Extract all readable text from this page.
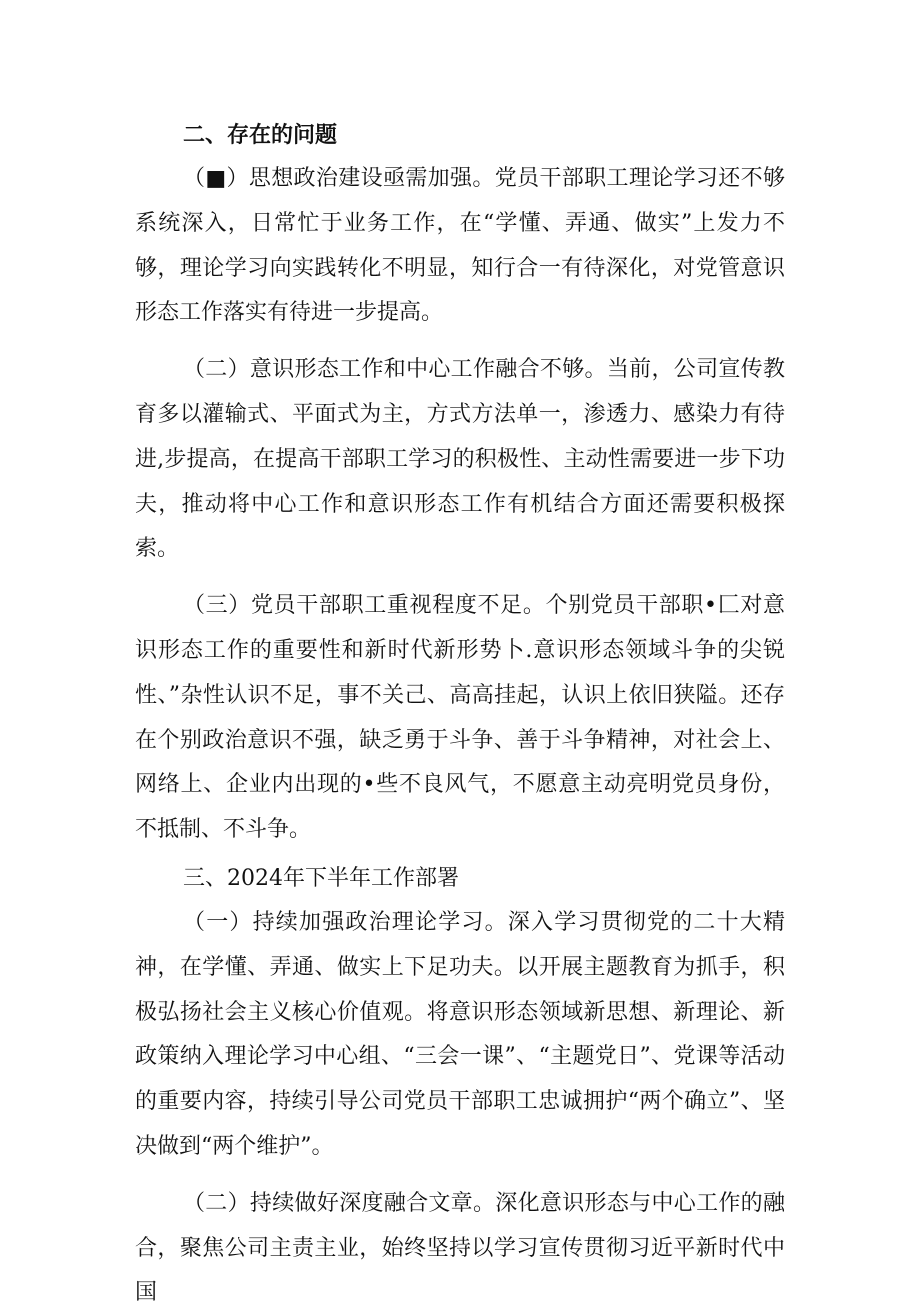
二、存在的问题

（■）思想政治建设亟需加强。党员干部职工理论学习还不够系统深入，日常忙于业务工作，在“学懂、弄通、做实”上发力不够，理论学习向实践转化不明显，知行合一有待深化，对党管意识形态工作落实有待进一步提高。

（二）意识形态工作和中心工作融合不够。当前，公司宣传教育多以灌输式、平面式为主，方式方法单一，渗透力、感染力有待进,步提高，在提高干部职工学习的积极性、主动性需要进一步下功夫，推动将中心工作和意识形态工作有机结合方面还需要积极探索。

（三）党员干部职工重视程度不足。个别党员干部职•匚对意识形态工作的重要性和新时代新形势卜.意识形态领域斗争的尖锐性、”杂性认识不足，事不关己、高高挂起，认识上依旧狭隘。还存在个别政治意识不强，缺乏勇于斗争、善于斗争精神，对社会上、网络上、企业内出现的•些不良风气，不愿意主动亮明党员身份，不抵制、不斗争。

三、2024年下半年工作部署

（一）持续加强政治理论学习。深入学习贯彻党的二十大精神，在学懂、弄通、做实上下足功夫。以开展主题教育为抓手，积极弘扬社会主义核心价值观。将意识形态领域新思想、新理论、新政策纳入理论学习中心组、“三会一课”、“主题党日”、党课等活动的重要内容，持续引导公司党员干部职工忠诚拥护“两个确立”、坚决做到“两个维护”。

（二）持续做好深度融合文章。深化意识形态与中心工作的融合，聚焦公司主责主业，始终坚持以学习宣传贯彻习近平新时代中国
